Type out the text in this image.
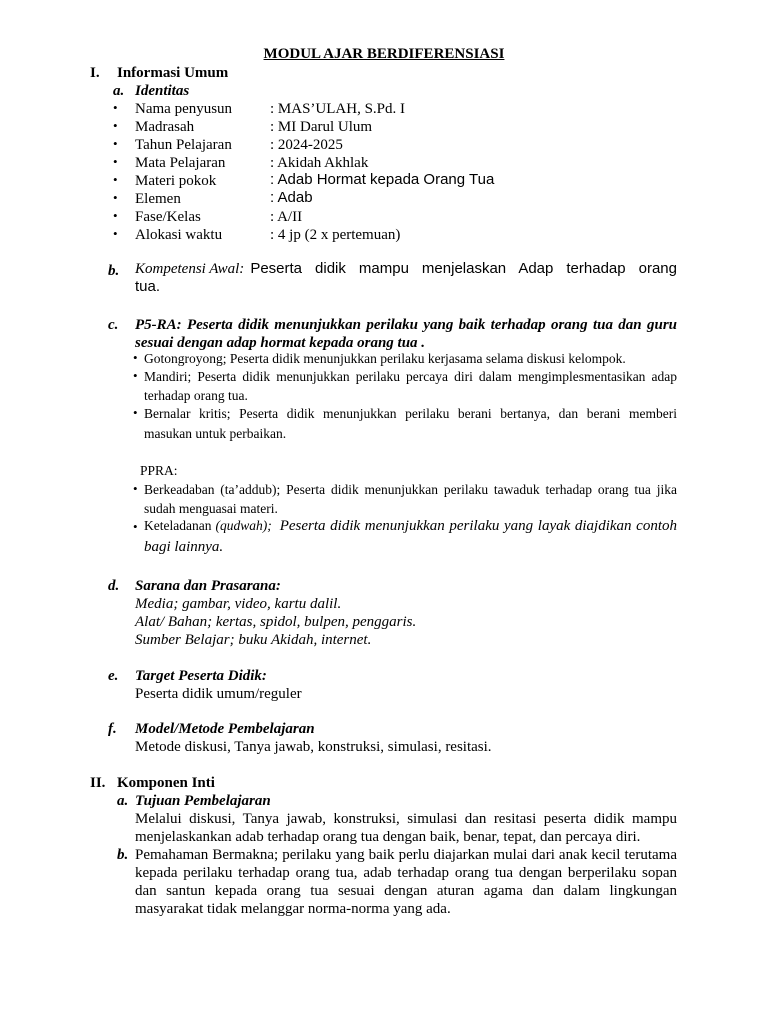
MODUL AJAR BERDIFERENSIASI
I. Informasi Umum
a. Identitas
• Nama penyusun	: MAS’ULAH, S.Pd. I
• Madrasah	: MI Darul Ulum
• Tahun Pelajaran	: 2024-2025
• Mata Pelajaran	: Akidah Akhlak
• Materi pokok	: Adab Hormat kepada Orang Tua
• Elemen	: Adab
• Fase/Kelas	: A/II
• Alokasi waktu	: 4 jp (2 x pertemuan)
b. Kompetensi Awal: Peserta didik mampu menjelaskan Adap terhadap orang
tua.
c. P5-RA: Peserta didik menunjukkan perilaku yang baik terhadap orang tua dan guru
sesuai dengan adap hormat kepada orang tua .
• Gotongroyong; Peserta didik menunjukkan perilaku kerjasama selama diskusi kelompok.
• Mandiri; Peserta didik menunjukkan perilaku percaya diri dalam mengimplesmentasikan adap
terhadap orang tua.
• Bernalar kritis; Peserta didik menunjukkan perilaku berani bertanya, dan berani memberi
masukan untuk perbaikan.
PPRA:
• Berkeadaban (ta’addub); Peserta didik menunjukkan perilaku tawaduk terhadap orang tua jika
sudah menguasai materi.
• Keteladanan (qudwah); Peserta didik menunjukkan perilaku yang layak diajdikan contoh
bagi lainnya.
d. Sarana dan Prasarana:
Media; gambar, video, kartu dalil.
Alat/ Bahan; kertas, spidol, bulpen, penggaris.
Sumber Belajar; buku Akidah, internet.
e. Target Peserta Didik:
Peserta didik umum/reguler
f. Model/Metode Pembelajaran
Metode diskusi, Tanya jawab, konstruksi, simulasi, resitasi.
II. Komponen Inti
a. Tujuan Pembelajaran
Melalui diskusi, Tanya jawab, konstruksi, simulasi dan resitasi peserta didik mampu menjelaskankan adab terhadap orang tua dengan baik, benar, tepat, dan percaya diri.
b. Pemahaman Bermakna; perilaku yang baik perlu diajarkan mulai dari anak kecil terutama kepada perilaku terhadap orang tua, adab terhadap orang tua dengan berperilaku sopan dan santun kepada orang tua sesuai dengan aturan agama dan dalam lingkungan masyarakat tidak melanggar norma-norma yang ada.
